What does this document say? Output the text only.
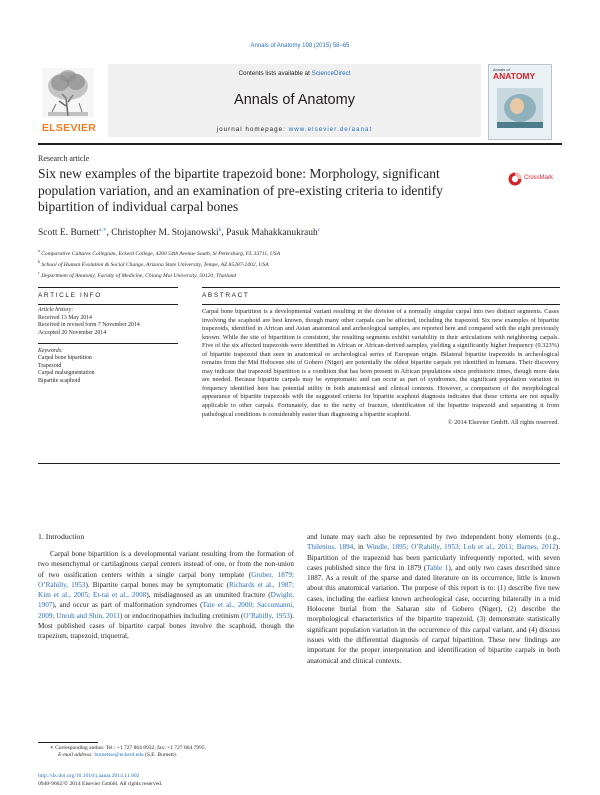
Annals of Anatomy 198 (2015) 58–65
ELSEVIER
Contents lists available at ScienceDirect
Annals of Anatomy
journal homepage: www.elsevier.de/aanat
Annals of
ANATOMY

Research article
Six new examples of the bipartite trapezoid bone: Morphology, significant population variation, and an examination of pre-existing criteria to identify bipartition of individual carpal bones
CrossMark
Scott E. Burnett$^{a,∗}$, Christopher M. Stojanowski$^b$, Pasuk Mahakkanukrauh$^c$
$^a$ Comparative Cultures Collegium, Eckerd College, 4200 54th Avenue South, St Petersburg, FL 33711, USA
$^b$ School of Human Evolution & Social Change, Arizona State University, Tempe, AZ 85287-2402, USA
$^c$ Department of Anatomy, Faculty of Medicine, Chiang Mai University, 50120, Thailand
ARTICLE INFO	ABSTRACT
Article history:
Received 13 May 2014
Received in revised form 7 November 2014
Accepted 20 November 2014
Keywords:
Carpal bone bipartition
Trapezoid
Carpal malsegmentation
Bipartite scaphoid
Carpal bone bipartition is a developmental variant resulting in the division of a normally singular carpal into two distinct segments. Cases involving the scaphoid are best known, though many other carpals can be affected, including the trapezoid. Six new examples of bipartite trapezoids, identified in African and Asian anatomical and archeological samples, are reported here and compared with the eight previously known. While the site of bipartition is consistent, the resulting segments exhibit variability in their articulations with neighboring carpals. Five of the six affected trapezoids were identified in African or African-derived samples, yielding a significantly higher frequency (0.323%) of bipartite trapezoid than seen in anatomical or archeological series of European origin. Bilateral bipartite trapezoids in archeological remains from the Mid Holocene site of Gobero (Niger) are potentially the oldest bipartite carpals yet identified in humans. Their discovery may indicate that trapezoid bipartition is a condition that has been present in African populations since prehistoric times, though more data are needed. Because bipartite carpals may be symptomatic and can occur as part of syndromes, the significant population variation in frequency identified here has potential utility in both anatomical and clinical contexts. However, a comparison of the morphological appearance of bipartite trapezoids with the suggested criteria for bipartite scaphoid diagnosis indicates that these criteria are not equally applicable to other carpals. Fortunately, due to the rarity of fracture, identification of the bipartite trapezoid and separating it from pathological conditions is considerably easier than diagnosing a bipartite scaphoid.
© 2014 Elsevier GmbH. All rights reserved.
1. Introduction
Carpal bone bipartition is a developmental variant resulting from the formation of two mesenchymal or cartilaginous carpal centers instead of one, or from the non-union of two ossification centers within a single carpal bony template (Gruber, 1879; O’Rahilly, 1953). Bipartite carpal bones may be symptomatic (Richards et al., 1987; Kim et al., 2005; Et-tai et al., 2008), misdiagnosed as an ununited fracture (Dwight, 1907), and occur as part of malformation syndromes (Tate et al., 2000; Saccomanni, 2009; Unruh and Shin, 2011) or endocrinopathies including cretinism (O’Rahilly, 1953). Most published cases of bipartite carpal bones involve the scaphoid, though the trapezium, trapezoid, triquetral,
and lunate may each also be represented by two independent bony elements (e.g., Thilenius, 1894, in Windle, 1895; O’Rahilly, 1953; Loh et al., 2011; Barnes, 2012). Bipartition of the trapezoid has been particularly infrequently reported, with seven cases published since the first in 1879 (Table 1), and only two cases described since 1887. As a result of the sparse and dated literature on its occurrence, little is known about this anatomical variation. The purpose of this report is to: (1) describe five new cases, including the earliest known archeological case, occurring bilaterally in a mid Holocene burial from the Saharan site of Gobero (Niger), (2) describe the morphological characteristics of the bipartite trapezoid, (3) demonstrate statistically significant population variation in the occurrence of this carpal variant, and (4) discuss issues with the differential diagnosis of carpal bipartition. These new findings are important for the proper interpretation and identification of bipartite carpals in both anatomical and clinical contexts.
∗ Corresponding author. Tel.: +1 727 864 8932; fax: +1 727 864 7995.
E-mail address: burnettse@eckerd.edu (S.E. Burnett).
http://dx.doi.org/10.1016/j.aanat.2014.11.002
0940-9602/© 2014 Elsevier GmbH. All rights reserved.
